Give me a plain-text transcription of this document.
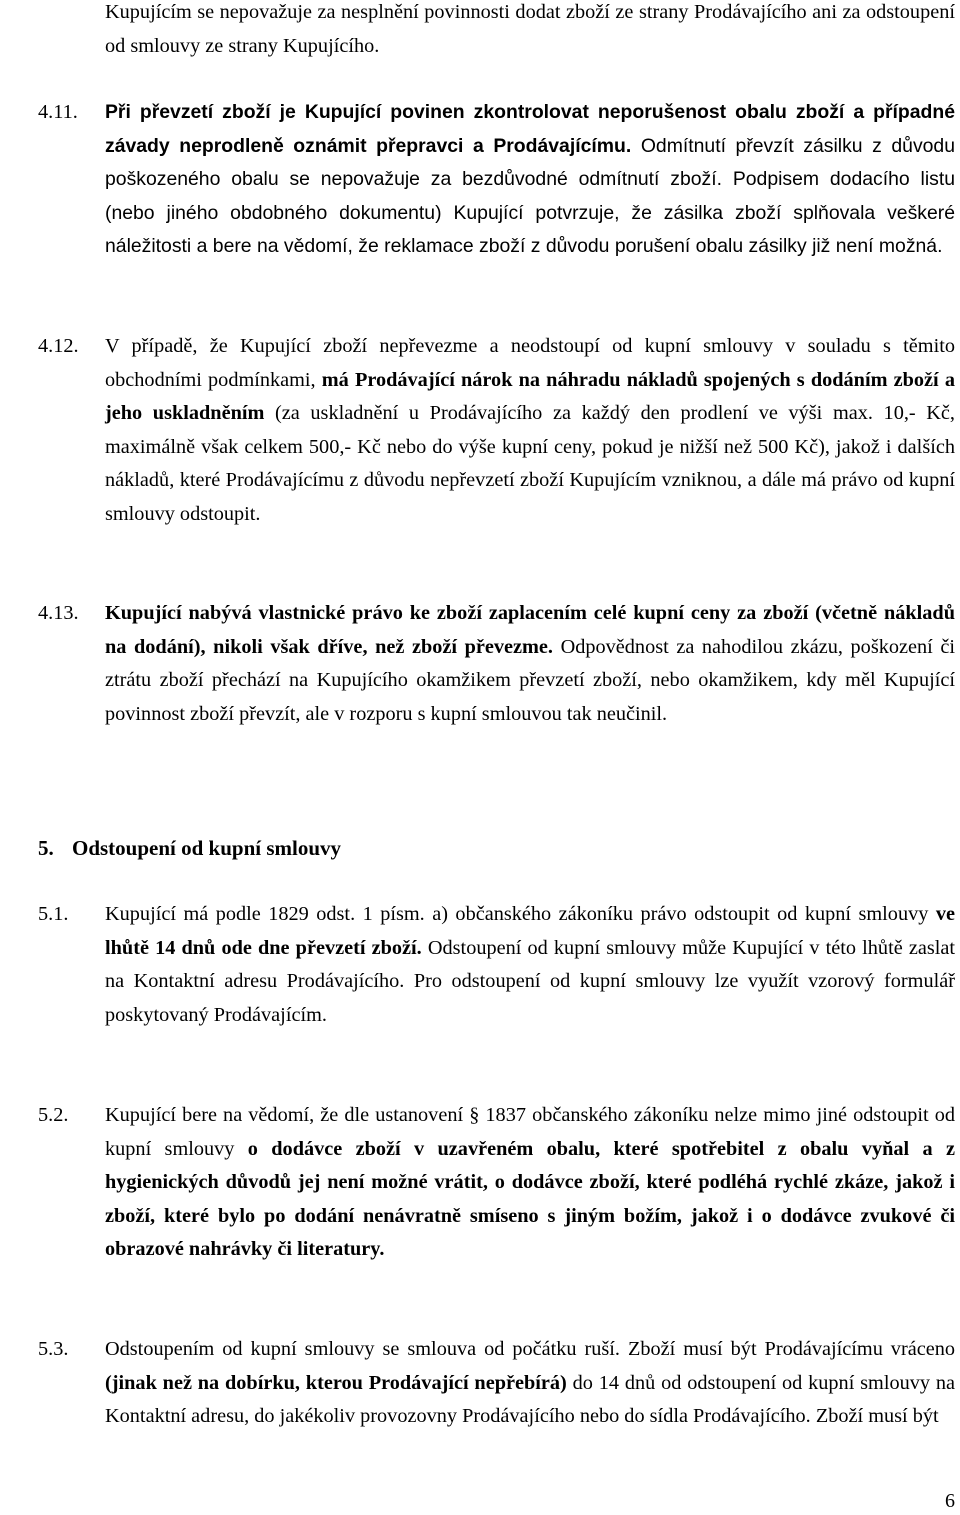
Kupujícím se nepovažuje za nesplnění povinnosti dodat zboží ze strany Prodávajícího ani za odstoupení od smlouvy ze strany Kupujícího.
4.11. Při převzetí zboží je Kupující povinen zkontrolovat neporušenost obalu zboží a případné závady neprodleně oznámit přepravci a Prodávajícímu. Odmítnutí převzít zásilku z důvodu poškozeného obalu se nepovažuje za bezdůvodné odmítnutí zboží. Podpisem dodacího listu (nebo jiného obdobného dokumentu) Kupující potvrzuje, že zásilka zboží splňovala veškeré náležitosti a bere na vědomí, že reklamace zboží z důvodu porušení obalu zásilky již není možná.
4.12. V případě, že Kupující zboží nepřevezme a neodstoupí od kupní smlouvy v souladu s těmito obchodními podmínkami, má Prodávající nárok na náhradu nákladů spojených s dodáním zboží a jeho uskladněním (za uskladnění u Prodávajícího za každý den prodlení ve výši max. 10,- Kč, maximálně však celkem 500,- Kč nebo do výše kupní ceny, pokud je nižší než 500 Kč), jakož i dalších nákladů, které Prodávajícímu z důvodu nepřevzetí zboží Kupujícím vzniknou, a dále má právo od kupní smlouvy odstoupit.
4.13. Kupující nabývá vlastnické právo ke zboží zaplacením celé kupní ceny za zboží (včetně nákladů na dodání), nikoli však dříve, než zboží převezme. Odpovědnost za nahodilou zkázu, poškození či ztrátu zboží přechází na Kupujícího okamžikem převzetí zboží, nebo okamžikem, kdy měl Kupující povinnost zboží převzít, ale v rozporu s kupní smlouvou tak neučinil.
5. Odstoupení od kupní smlouvy
5.1. Kupující má podle 1829 odst. 1 písm. a) občanského zákoníku právo odstoupit od kupní smlouvy ve lhůtě 14 dnů ode dne převzetí zboží. Odstoupení od kupní smlouvy může Kupující v této lhůtě zaslat na Kontaktní adresu Prodávajícího. Pro odstoupení od kupní smlouvy lze využít vzorový formulář poskytovaný Prodávajícím.
5.2. Kupující bere na vědomí, že dle ustanovení § 1837 občanského zákoníku nelze mimo jiné odstoupit od kupní smlouvy o dodávce zboží v uzavřeném obalu, které spotřebitel z obalu vyňal a z hygienických důvodů jej není možné vrátit, o dodávce zboží, které podléhá rychlé zkáze, jakož i zboží, které bylo po dodání nenávratně smíseno s jiným božím, jakož i o dodávce zvukové či obrazové nahrávky či literatury.
5.3. Odstoupením od kupní smlouvy se smlouva od počátku ruší. Zboží musí být Prodávajícímu vráceno (jinak než na dobírku, kterou Prodávající nepřebírá) do 14 dnů od odstoupení od kupní smlouvy na Kontaktní adresu, do jakékoliv provozovny Prodávajícího nebo do sídla Prodávajícího. Zboží musí být
6
